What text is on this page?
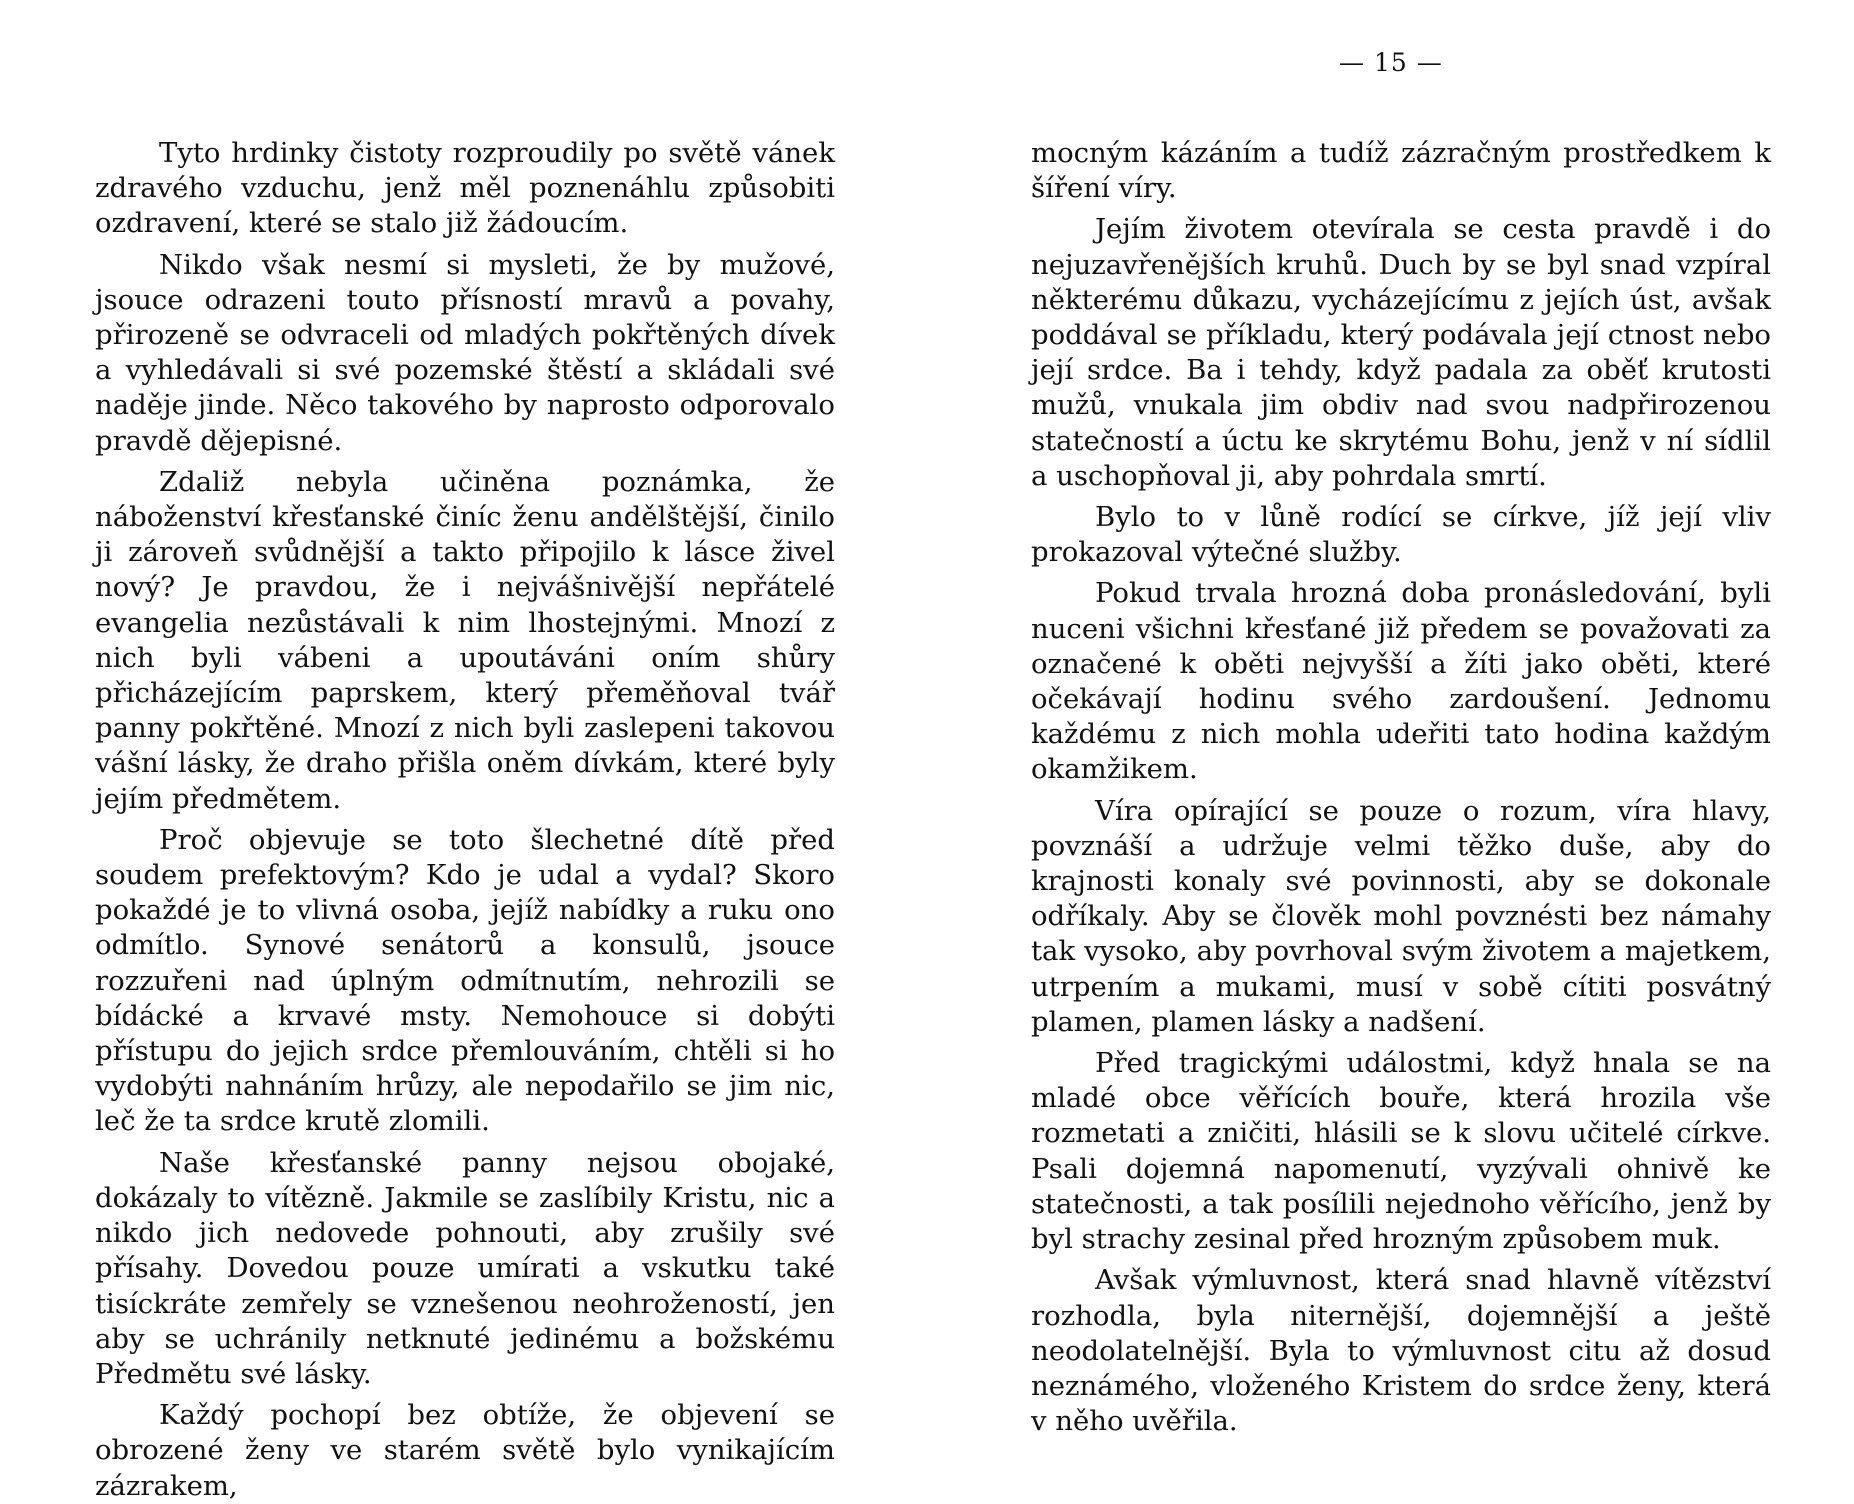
Tyto hrdinky čistoty rozproudily po světě vánek zdravého vzduchu, jenž měl poznenáhlu způsobiti ozdravení, které se stalo již žádoucím.

Nikdo však nesmí si mysleti, že by mužové, jsouce odrazeni touto přísností mravů a povahy, přirozeně se odvraceli od mladých pokřtěných dívek a vyhledávali si své pozemské štěstí a skládali své naděje jinde. Něco takového by naprosto odporovalo pravdě dějepisné.

Zdaliž nebyla učiněna poznámka, že náboženství křesťanské činíc ženu andělštější, činilo ji zároveň svůdnější a takto připojilo k lásce živel nový? Je pravdou, že i nejvášnivější nepřátelé evangelia nezůstávali k nim lhostejnými. Mnozí z nich byli vábeni a upoutáváni oním shůry přicházejícím paprskem, který přeměňoval tvář panny pokřtěné. Mnozí z nich byli zaslepeni takovou vášní lásky, že draho přišla oněm dívkám, které byly jejím předmětem.

Proč objevuje se toto šlechetné dítě před soudem prefektovým? Kdo je udal a vydal? Skoro pokaždé je to vlivná osoba, jejíž nabídky a ruku ono odmítlo. Synové senátorů a konsulů, jsouce rozzuřeni nad úplným odmítnutím, nehrozili se bídácké a krvavé msty. Nemohouce si dobýti přístupu do jejich srdce přemlouváním, chtěli si ho vydobýti nahnáním hrůzy, ale nepodařilo se jim nic, leč že ta srdce krutě zlomili.

Naše křesťanské panny nejsou obojaké, dokázaly to vítězně. Jakmile se zaslíbily Kristu, nic a nikdo jich nedovede pohnouti, aby zrušily své přísahy. Dovedou pouze umírati a vskutku také tisíckráte zemřely se vznešenou neohrožeností, jen aby se uchránily netknuté jedinému a božskému Předmětu své lásky.

Každý pochopí bez obtíže, že objevení se obrozené ženy ve starém světě bylo vynikajícím zázrakem,

— 15 —

mocným kázáním a tudíž zázračným prostředkem k šíření víry.

Jejím životem otevírala se cesta pravdě i do nejuzavřenějších kruhů. Duch by se byl snad vzpíral některému důkazu, vycházejícímu z jejích úst, avšak poddával se příkladu, který podávala její ctnost nebo její srdce. Ba i tehdy, když padala za oběť krutosti mužů, vnukala jim obdiv nad svou nadpřirozenou statečností a úctu ke skrytému Bohu, jenž v ní sídlil a uschopňoval ji, aby pohrdala smrtí.

Bylo to v lůně rodící se církve, jíž její vliv prokazoval výtečné služby.

Pokud trvala hrozná doba pronásledování, byli nuceni všichni křesťané již předem se považovati za označené k oběti nejvyšší a žíti jako oběti, které očekávají hodinu svého zardoušení. Jednomu každému z nich mohla udeřiti tato hodina každým okamžikem.

Víra opírající se pouze o rozum, víra hlavy, povznáší a udržuje velmi těžko duše, aby do krajnosti konaly své povinnosti, aby se dokonale odříkaly. Aby se člověk mohl povznésti bez námahy tak vysoko, aby povrhoval svým životem a majetkem, utrpením a mukami, musí v sobě cítiti posvátný plamen, plamen lásky a nadšení.

Před tragickými událostmi, když hnala se na mladé obce věřících bouře, která hrozila vše rozmetati a zničiti, hlásili se k slovu učitelé církve. Psali dojemná napomenutí, vyzývali ohnivě ke statečnosti, a tak posílili nejednoho věřícího, jenž by byl strachy zesinal před hrozným způsobem muk.

Avšak výmluvnost, která snad hlavně vítězství rozhodla, byla niternější, dojemnější a ještě neodolatelnější. Byla to výmluvnost citu až dosud neznámého, vloženého Kristem do srdce ženy, která v něho uvěřila.
